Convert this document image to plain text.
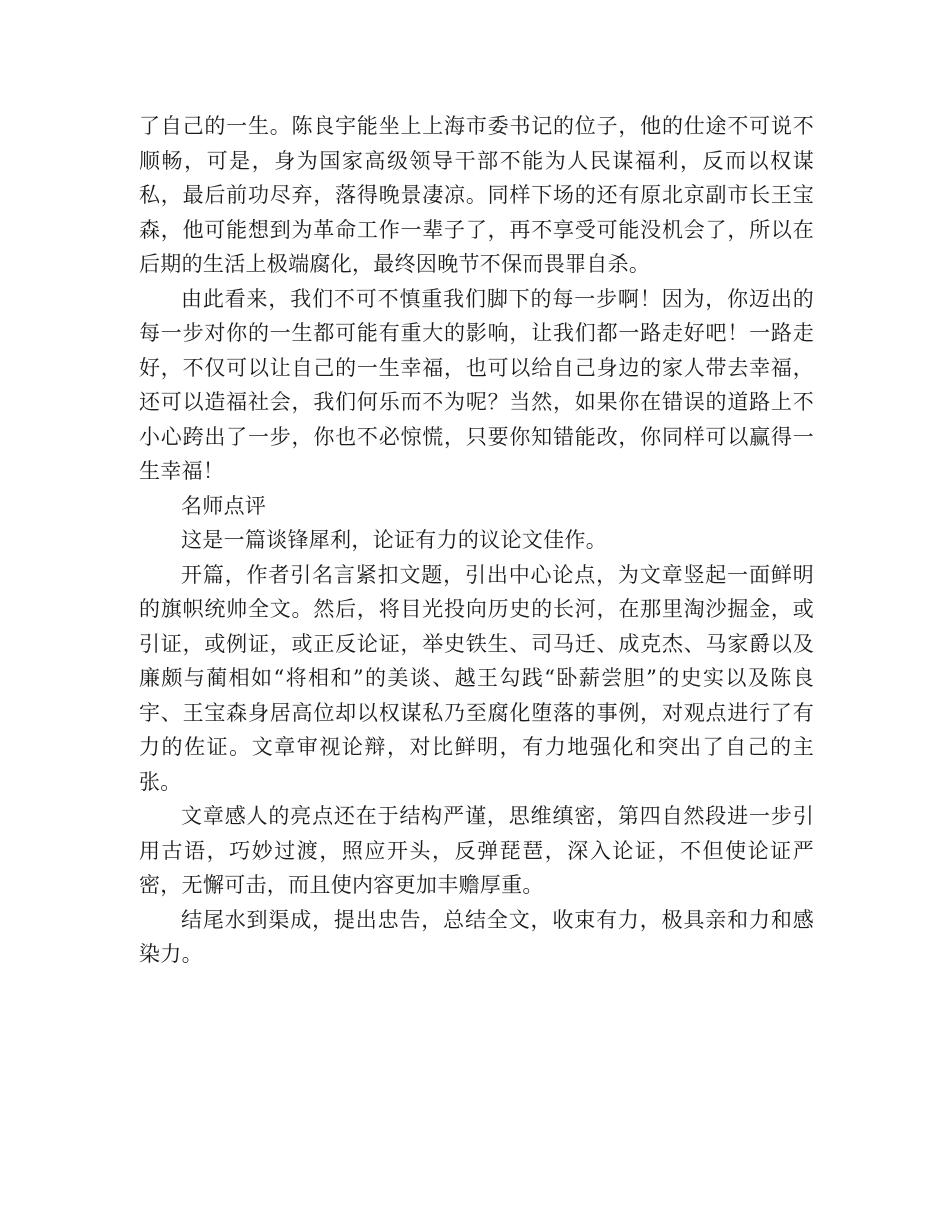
了自己的一生。陈良宇能坐上上海市委书记的位子，他的仕途不可说不顺畅，可是，身为国家高级领导干部不能为人民谋福利，反而以权谋私，最后前功尽弃，落得晚景凄凉。同样下场的还有原北京副市长王宝森，他可能想到为革命工作一辈子了，再不享受可能没机会了，所以在后期的生活上极端腐化，最终因晚节不保而畏罪自杀。

由此看来，我们不可不慎重我们脚下的每一步啊！因为，你迈出的每一步对你的一生都可能有重大的影响，让我们都一路走好吧！一路走好，不仅可以让自己的一生幸福，也可以给自己身边的家人带去幸福，还可以造福社会，我们何乐而不为呢？当然，如果你在错误的道路上不小心跨出了一步，你也不必惊慌，只要你知错能改，你同样可以赢得一生幸福！

名师点评

这是一篇谈锋犀利，论证有力的议论文佳作。

开篇，作者引名言紧扣文题，引出中心论点，为文章竖起一面鲜明的旗帜统帅全文。然后，将目光投向历史的长河，在那里淘沙掘金，或引证，或例证，或正反论证，举史铁生、司马迁、成克杰、马家爵以及廉颇与蔺相如“将相和”的美谈、越王勾践“卧薪尝胆”的史实以及陈良宇、王宝森身居高位却以权谋私乃至腐化堕落的事例，对观点进行了有力的佐证。文章审视论辩，对比鲜明，有力地强化和突出了自己的主张。

文章感人的亮点还在于结构严谨，思维缜密，第四自然段进一步引用古语，巧妙过渡，照应开头，反弹琵琶，深入论证，不但使论证严密，无懈可击，而且使内容更加丰赡厚重。

结尾水到渠成，提出忠告，总结全文，收束有力，极具亲和力和感染力。
